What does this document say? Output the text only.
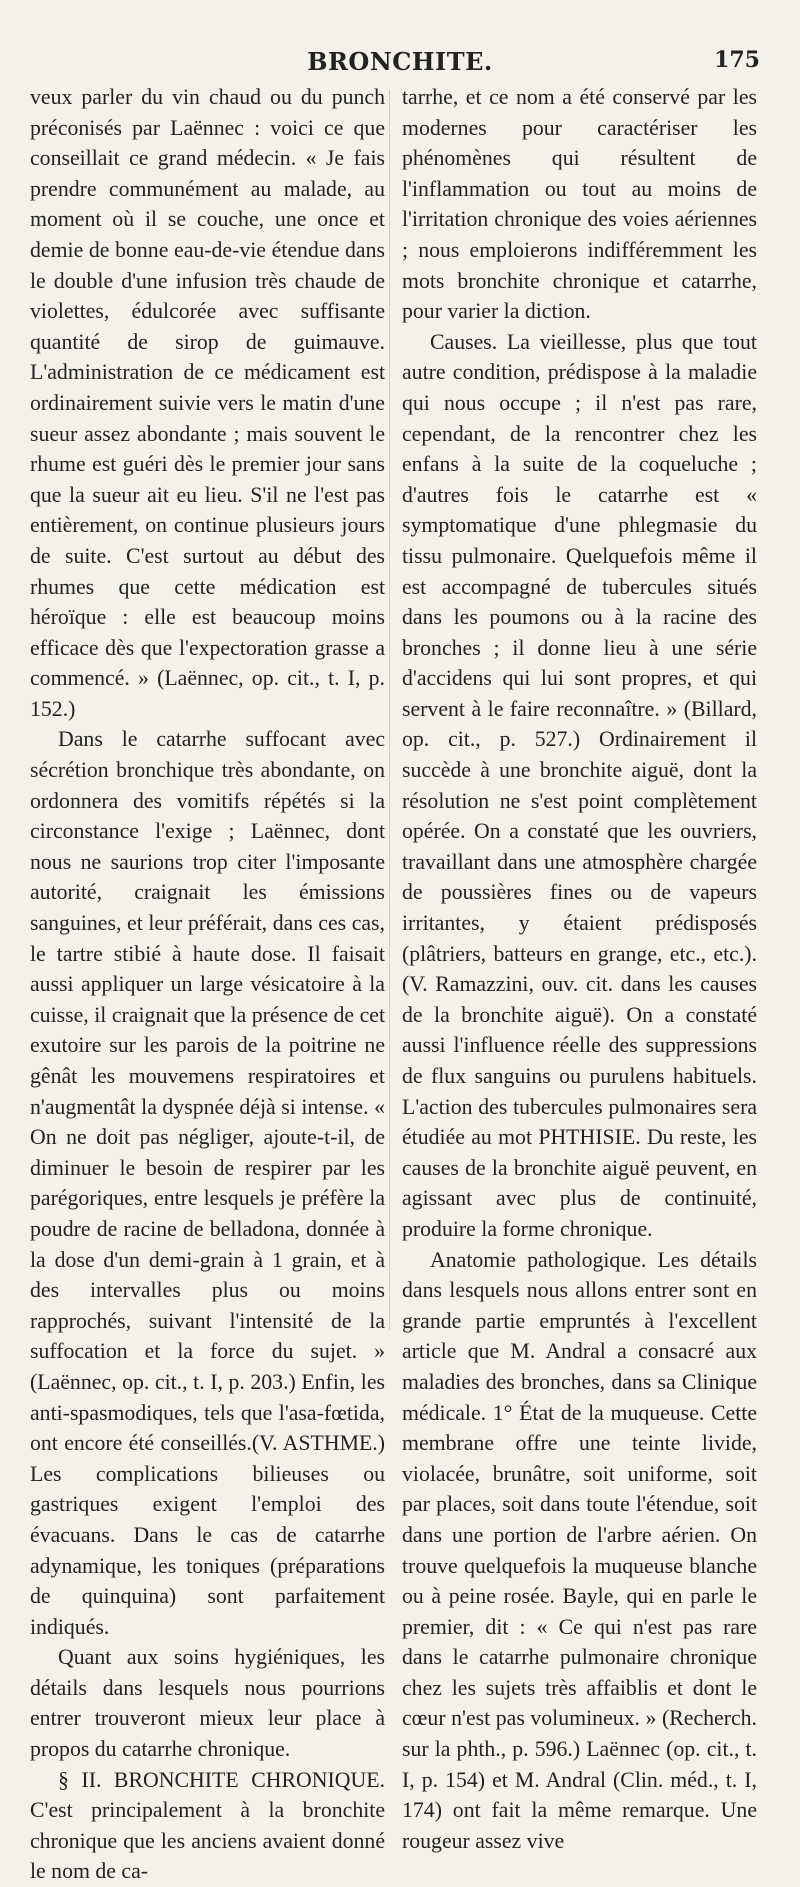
BRONCHITE.	175

veux parler du vin chaud ou du punch préconisés par Laënnec : voici ce que conseillait ce grand médecin. « Je fais prendre communément au malade, au moment où il se couche, une once et demie de bonne eau-de-vie étendue dans le double d'une infusion très chaude de violettes, édulcorée avec suffisante quantité de sirop de guimauve. L'administration de ce médicament est ordinairement suivie vers le matin d'une sueur assez abondante ; mais souvent le rhume est guéri dès le premier jour sans que la sueur ait eu lieu. S'il ne l'est pas entièrement, on continue plusieurs jours de suite. C'est surtout au début des rhumes que cette médication est héroïque : elle est beaucoup moins efficace dès que l'expectoration grasse a commencé. » (Laënnec, op. cit., t. I, p. 152.)

Dans le catarrhe suffocant avec sécrétion bronchique très abondante, on ordonnera des vomitifs répétés si la circonstance l'exige ; Laënnec, dont nous ne saurions trop citer l'imposante autorité, craignait les émissions sanguines, et leur préférait, dans ces cas, le tartre stibié à haute dose. Il faisait aussi appliquer un large vésicatoire à la cuisse, il craignait que la présence de cet exutoire sur les parois de la poitrine ne gênât les mouvemens respiratoires et n'augmentât la dyspnée déjà si intense. « On ne doit pas négliger, ajoute-t-il, de diminuer le besoin de respirer par les parégoriques, entre lesquels je préfère la poudre de racine de belladona, donnée à la dose d'un demi-grain à 1 grain, et à des intervalles plus ou moins rapprochés, suivant l'intensité de la suffocation et la force du sujet. » (Laënnec, op. cit., t. I, p. 203.) Enfin, les anti-spasmodiques, tels que l'asa-fœtida, ont encore été conseillés.(V. ASTHME.) Les complications bilieuses ou gastriques exigent l'emploi des évacuans. Dans le cas de catarrhe adynamique, les toniques (préparations de quinquina) sont parfaitement indiqués.

Quant aux soins hygiéniques, les détails dans lesquels nous pourrions entrer trouveront mieux leur place à propos du catarrhe chronique.

§ II. BRONCHITE CHRONIQUE. C'est principalement à la bronchite chronique que les anciens avaient donné le nom de ca-

tarrhe, et ce nom a été conservé par les modernes pour caractériser les phénomènes qui résultent de l'inflammation ou tout au moins de l'irritation chronique des voies aériennes ; nous emploierons indifféremment les mots bronchite chronique et catarrhe, pour varier la diction.

Causes. La vieillesse, plus que tout autre condition, prédispose à la maladie qui nous occupe ; il n'est pas rare, cependant, de la rencontrer chez les enfans à la suite de la coqueluche ; d'autres fois le catarrhe est « symptomatique d'une phlegmasie du tissu pulmonaire. Quelquefois même il est accompagné de tubercules situés dans les poumons ou à la racine des bronches ; il donne lieu à une série d'accidens qui lui sont propres, et qui servent à le faire reconnaître. » (Billard, op. cit., p. 527.) Ordinairement il succède à une bronchite aiguë, dont la résolution ne s'est point complètement opérée. On a constaté que les ouvriers, travaillant dans une atmosphère chargée de poussières fines ou de vapeurs irritantes, y étaient prédisposés (plâtriers, batteurs en grange, etc., etc.). (V. Ramazzini, ouv. cit. dans les causes de la bronchite aiguë). On a constaté aussi l'influence réelle des suppressions de flux sanguins ou purulens habituels. L'action des tubercules pulmonaires sera étudiée au mot PHTHISIE. Du reste, les causes de la bronchite aiguë peuvent, en agissant avec plus de continuité, produire la forme chronique.

Anatomie pathologique. Les détails dans lesquels nous allons entrer sont en grande partie empruntés à l'excellent article que M. Andral a consacré aux maladies des bronches, dans sa Clinique médicale. 1° État de la muqueuse. Cette membrane offre une teinte livide, violacée, brunâtre, soit uniforme, soit par places, soit dans toute l'étendue, soit dans une portion de l'arbre aérien. On trouve quelquefois la muqueuse blanche ou à peine rosée. Bayle, qui en parle le premier, dit : « Ce qui n'est pas rare dans le catarrhe pulmonaire chronique chez les sujets très affaiblis et dont le cœur n'est pas volumineux. » (Recherch. sur la phth., p. 596.) Laënnec (op. cit., t. I, p. 154) et M. Andral (Clin. méd., t. I, 174) ont fait la même remarque. Une rougeur assez vive
